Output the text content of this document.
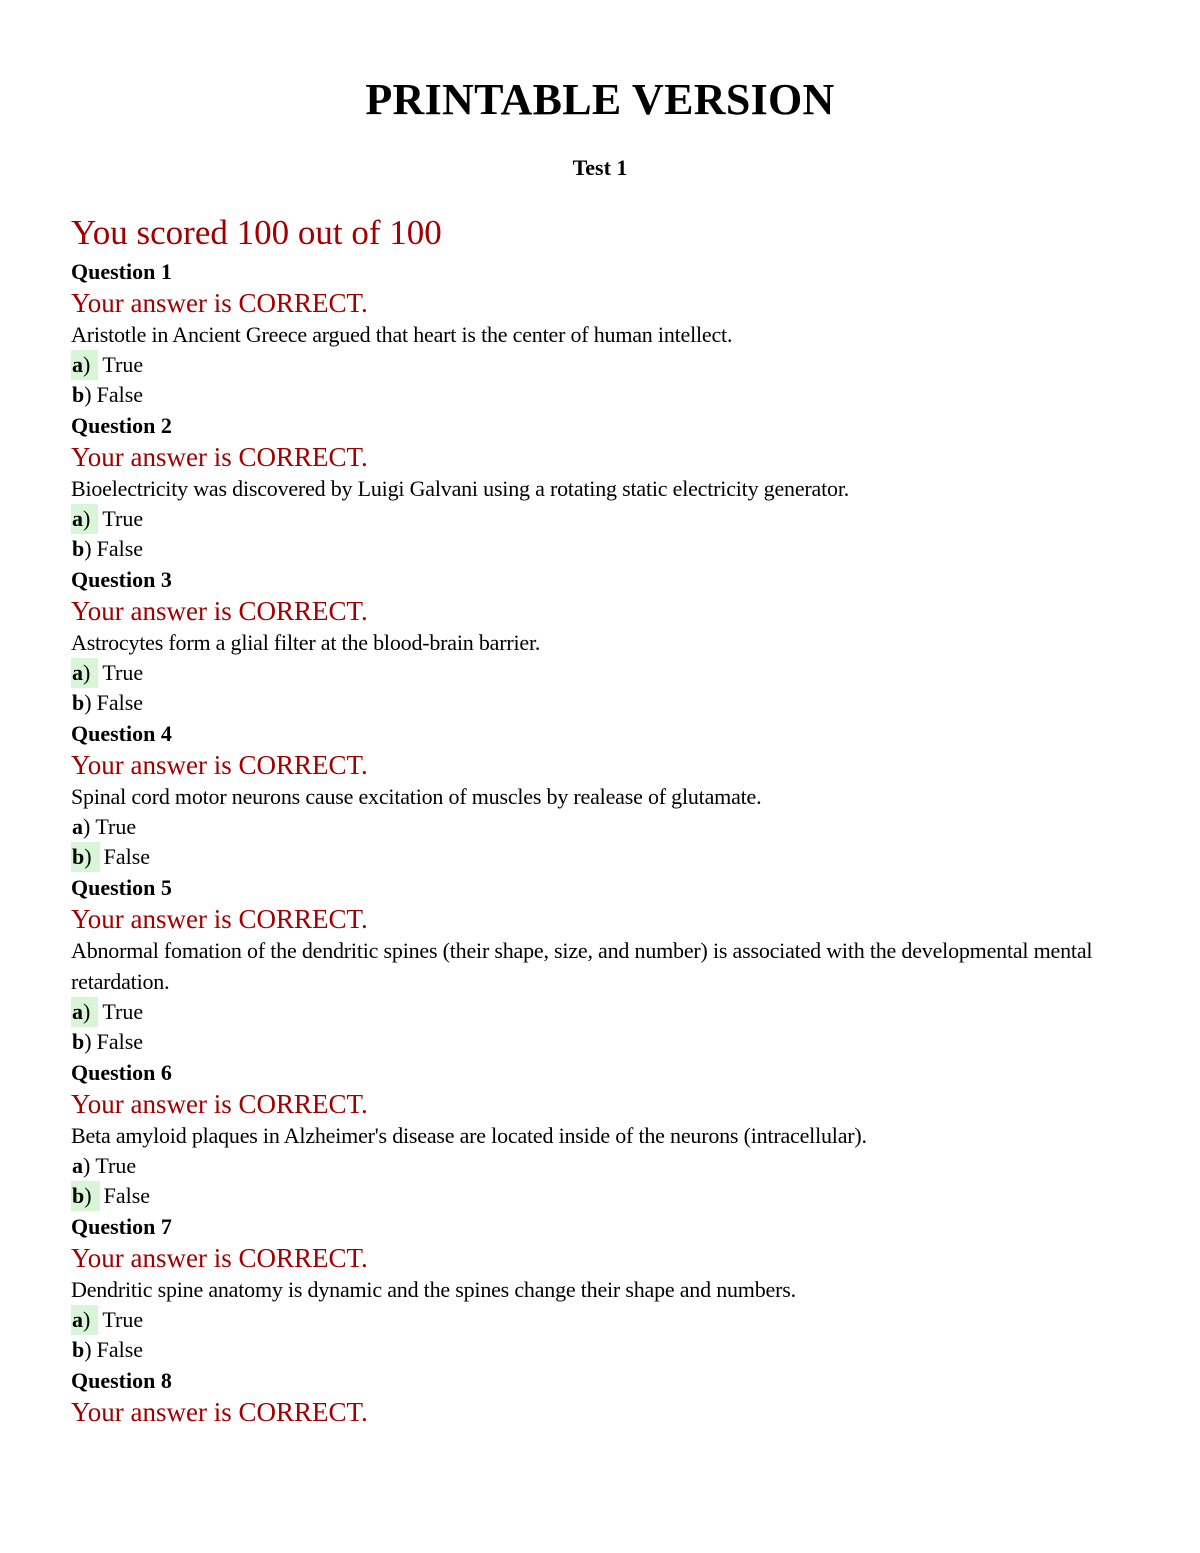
PRINTABLE VERSION
Test 1
You scored 100 out of 100
Question 1
Your answer is CORRECT.
Aristotle in Ancient Greece argued that heart is the center of human intellect.
a) True
b) False
Question 2
Your answer is CORRECT.
Bioelectricity was discovered by Luigi Galvani using a rotating static electricity generator.
a) True
b) False
Question 3
Your answer is CORRECT.
Astrocytes form a glial filter at the blood-brain barrier.
a) True
b) False
Question 4
Your answer is CORRECT.
Spinal cord motor neurons cause excitation of muscles by realease of glutamate.
a) True
b) False
Question 5
Your answer is CORRECT.
Abnormal fomation of the dendritic spines (their shape, size, and number) is associated with the developmental mental retardation.
a) True
b) False
Question 6
Your answer is CORRECT.
Beta amyloid plaques in Alzheimer's disease are located inside of the neurons (intracellular).
a) True
b) False
Question 7
Your answer is CORRECT.
Dendritic spine anatomy is dynamic and the spines change their shape and numbers.
a) True
b) False
Question 8
Your answer is CORRECT.
